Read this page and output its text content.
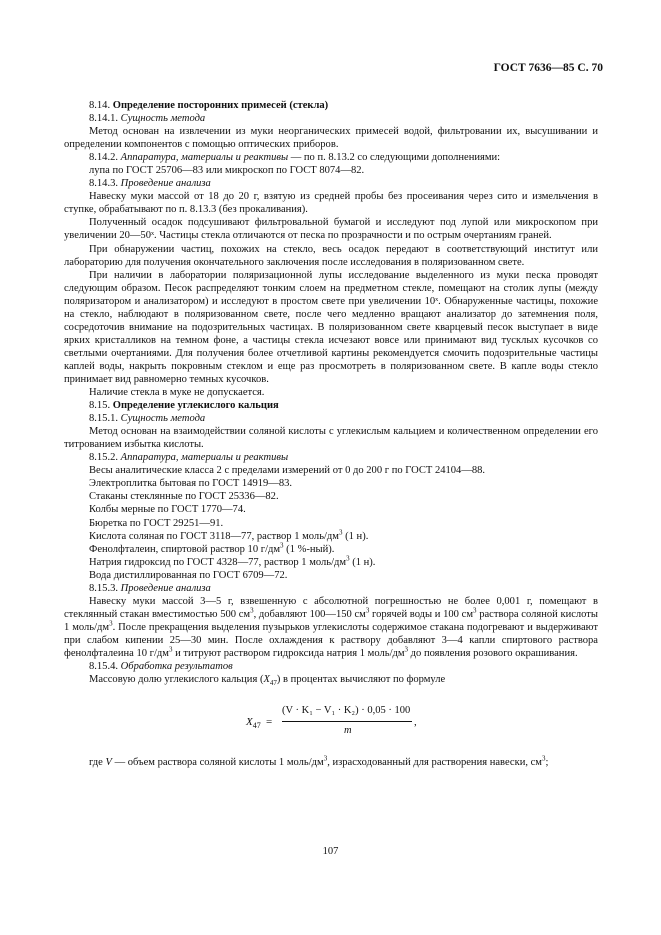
ГОСТ 7636—85 С. 70

8.14. Определение посторонних примесей (стекла)

8.14.1. Сущность метода

Метод основан на извлечении из муки неорганических примесей водой, фильтровании их, высушивании и определении компонентов с помощью оптических приборов.

8.14.2. Аппаратура, материалы и реактивы — по п. 8.13.2 со следующими дополнениями:

лупа по ГОСТ 25706—83 или микроскоп по ГОСТ 8074—82.

8.14.3. Проведение анализа

Навеску муки массой от 18 до 20 г, взятую из средней пробы без просеивания через сито и измельчения в ступке, обрабатывают по п. 8.13.3 (без прокаливания).

Полученный осадок подсушивают фильтровальной бумагой и исследуют под лупой или микроскопом при увеличении 20—50ˣ. Частицы стекла отличаются от песка по прозрачности и по острым очертаниям граней.

При обнаружении частиц, похожих на стекло, весь осадок передают в соответствующий институт или лабораторию для получения окончательного заключения после исследования в поляризованном свете.

При наличии в лаборатории поляризационной лупы исследование выделенного из муки песка проводят следующим образом. Песок распределяют тонким слоем на предметном стекле, помещают на столик лупы (между поляризатором и анализатором) и исследуют в простом свете при увеличении 10ˣ. Обнаруженные частицы, похожие на стекло, наблюдают в поляризованном свете, после чего медленно вращают анализатор до затемнения поля, сосредоточив внимание на подозрительных частицах. В поляризованном свете кварцевый песок выступает в виде ярких кристалликов на темном фоне, а частицы стекла исчезают вовсе или принимают вид тусклых кусочков со светлыми очертаниями. Для получения более отчетливой картины рекомендуется смочить подозрительные частицы каплей воды, накрыть покровным стеклом и еще раз просмотреть в поляризованном свете. В капле воды стекло принимает вид равномерно темных кусочков.

Наличие стекла в муке не допускается.

8.15. Определение углекислого кальция

8.15.1. Сущность метода

Метод основан на взаимодействии соляной кислоты с углекислым кальцием и количественном определении его титрованием избытка кислоты.

8.15.2. Аппаратура, материалы и реактивы

Весы аналитические класса 2 с пределами измерений от 0 до 200 г по ГОСТ 24104—88.

Электроплитка бытовая по ГОСТ 14919—83.

Стаканы стеклянные по ГОСТ 25336—82.

Колбы мерные по ГОСТ 1770—74.

Бюретка по ГОСТ 29251—91.

Кислота соляная по ГОСТ 3118—77, раствор 1 моль/$дм^3$ (1 н).

Фенолфталеин, спиртовой раствор 10 $г/дм^3$ (1 %-ный).

Натрия гидроксид по ГОСТ 4328—77, раствор 1 моль/$дм^3$ (1 н).

Вода дистиллированная по ГОСТ 6709—72.

8.15.3. Проведение анализа

Навеску муки массой 3—5 г, взвешенную с абсолютной погрешностью не более 0,001 г, помещают в стеклянный стакан вместимостью 500 $см^3$, добавляют 100—150 $см^3$ горячей воды и 100 $см^3$ раствора соляной кислоты 1 моль/$дм^3$. После прекращения выделения пузырьков углекислоты содержимое стакана подогревают и выдерживают при слабом кипении 25—30 мин. После охлаждения к раствору добавляют 3—4 капли спиртового раствора фенолфталеина 10 $г/дм^3$ и титруют раствором гидроксида натрия 1 моль/$дм^3$ до появления розового окрашивания.

8.15.4. Обработка результатов

Массовую долю углекислого кальция $(X_{47})$ в процентах вычисляют по формуле

$X_{47}$ =
(V · K₁ − V₁ · K₂) · 0,05 · 100
m
,

где V — объем раствора соляной кислоты 1 моль/$дм^3$, израсходованный для растворения навески, $см^3$;

107
